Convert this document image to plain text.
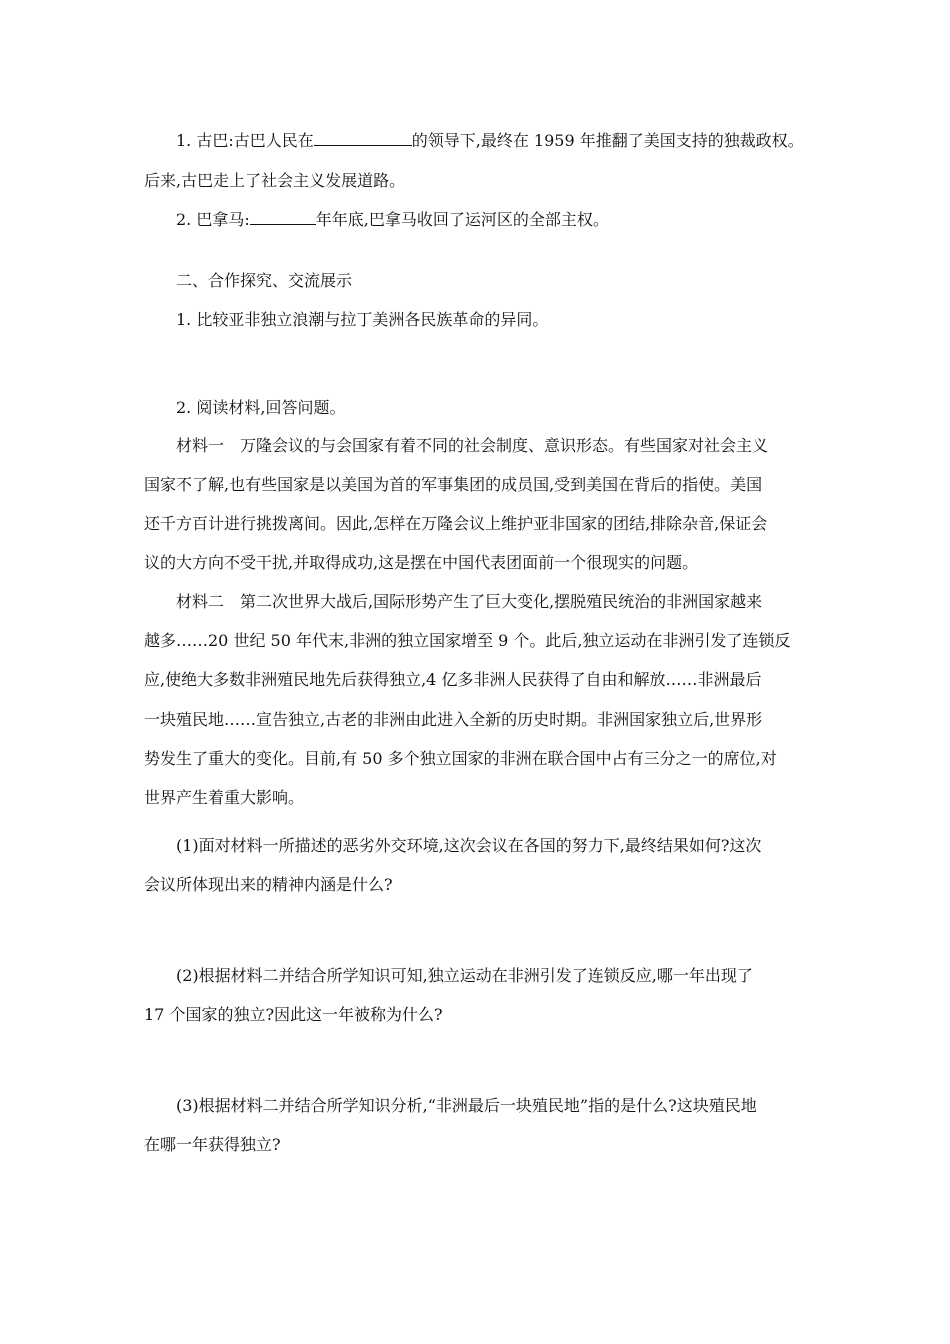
1. 古巴:古巴人民在	的领导下,最终在 1959 年推翻了美国支持的独裁政权。
后来,古巴走上了社会主义发展道路。
2. 巴拿马:	年年底,巴拿马收回了运河区的全部主权。
二、合作探究、交流展示
1. 比较亚非独立浪潮与拉丁美洲各民族革命的异同。
2. 阅读材料,回答问题。
材料一　万隆会议的与会国家有着不同的社会制度、意识形态。有些国家对社会主义
国家不了解,也有些国家是以美国为首的军事集团的成员国,受到美国在背后的指使。美国
还千方百计进行挑拨离间。因此,怎样在万隆会议上维护亚非国家的团结,排除杂音,保证会
议的大方向不受干扰,并取得成功,这是摆在中国代表团面前一个很现实的问题。
材料二　第二次世界大战后,国际形势产生了巨大变化,摆脱殖民统治的非洲国家越来
越多……20 世纪 50 年代末,非洲的独立国家增至 9 个。此后,独立运动在非洲引发了连锁反
应,使绝大多数非洲殖民地先后获得独立,4 亿多非洲人民获得了自由和解放……非洲最后
一块殖民地……宣告独立,古老的非洲由此进入全新的历史时期。非洲国家独立后,世界形
势发生了重大的变化。目前,有 50 多个独立国家的非洲在联合国中占有三分之一的席位,对
世界产生着重大影响。
(1)面对材料一所描述的恶劣外交环境,这次会议在各国的努力下,最终结果如何?这次
会议所体现出来的精神内涵是什么?
(2)根据材料二并结合所学知识可知,独立运动在非洲引发了连锁反应,哪一年出现了
17 个国家的独立?因此这一年被称为什么?
(3)根据材料二并结合所学知识分析,“非洲最后一块殖民地”指的是什么?这块殖民地
在哪一年获得独立?
